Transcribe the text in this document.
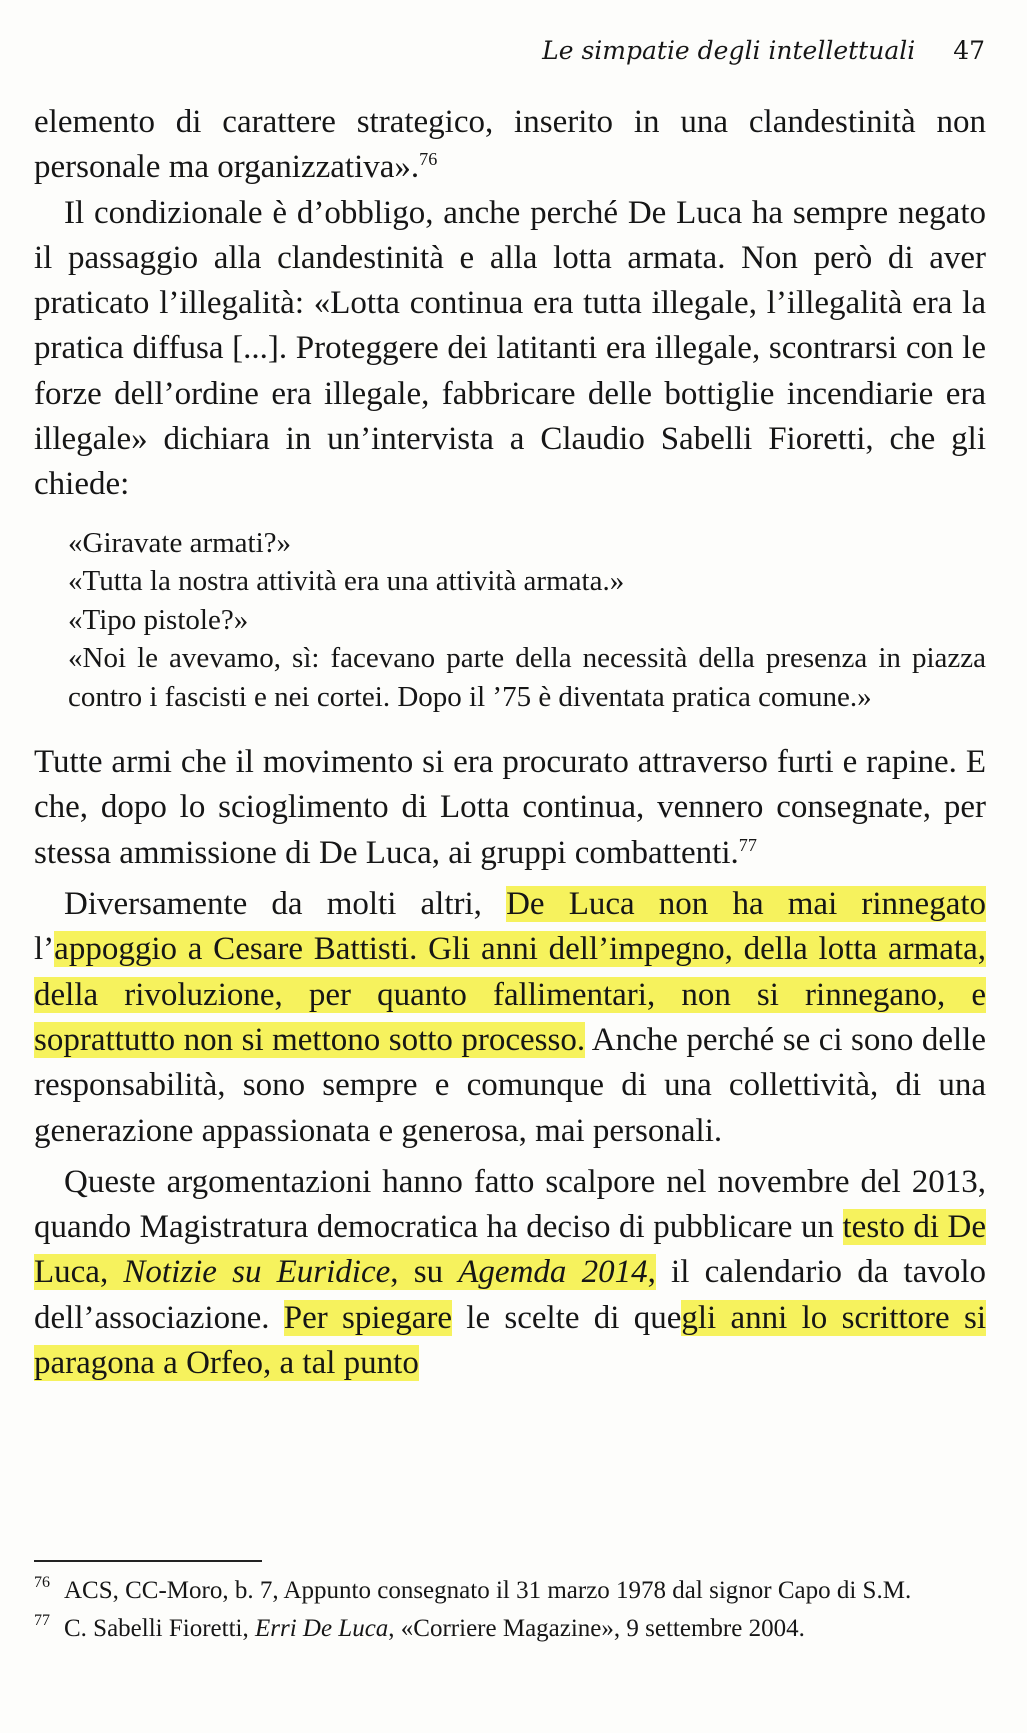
Le simpatie degli intellettuali 47

elemento di carattere strategico, inserito in una clandestinità non personale ma organizzativa».$^{76}$

Il condizionale è d’obbligo, anche perché De Luca ha sempre negato il passaggio alla clandestinità e alla lotta armata. Non però di aver praticato l’illegalità: «Lotta continua era tutta illegale, l’illegalità era la pratica diffusa [...]. Proteggere dei latitanti era illegale, scontrarsi con le forze dell’ordine era illegale, fabbricare delle bottiglie incendiarie era illegale» dichiara in un’intervista a Claudio Sabelli Fioretti, che gli chiede:

«Giravate armati?»
«Tutta la nostra attività era una attività armata.»
«Tipo pistole?»
«Noi le avevamo, sì: facevano parte della necessità della presenza in piazza contro i fascisti e nei cortei. Dopo il ’75 è diventata pratica comune.»

Tutte armi che il movimento si era procurato attraverso furti e rapine. E che, dopo lo scioglimento di Lotta continua, vennero consegnate, per stessa ammissione di De Luca, ai gruppi combattenti.$^{77}$

Diversamente da molti altri, De Luca non ha mai rinnegato l’appoggio a Cesare Battisti. Gli anni dell’impegno, della lotta armata, della rivoluzione, per quanto fallimentari, non si rinnegano, e soprattutto non si mettono sotto processo. Anche perché se ci sono delle responsabilità, sono sempre e comunque di una collettività, di una generazione appassionata e generosa, mai personali.

Queste argomentazioni hanno fatto scalpore nel novembre del 2013, quando Magistratura democratica ha deciso di pubblicare un testo di De Luca, Notizie su Euridice, su Agemda 2014, il calendario da tavolo dell’associazione. Per spiegare le scelte di quegli anni lo scrittore si paragona a Orfeo, a tal punto

76 ACS, CC-Moro, b. 7, Appunto consegnato il 31 marzo 1978 dal signor Capo di S.M.

77 C. Sabelli Fioretti, Erri De Luca, «Corriere Magazine», 9 settembre 2004.
